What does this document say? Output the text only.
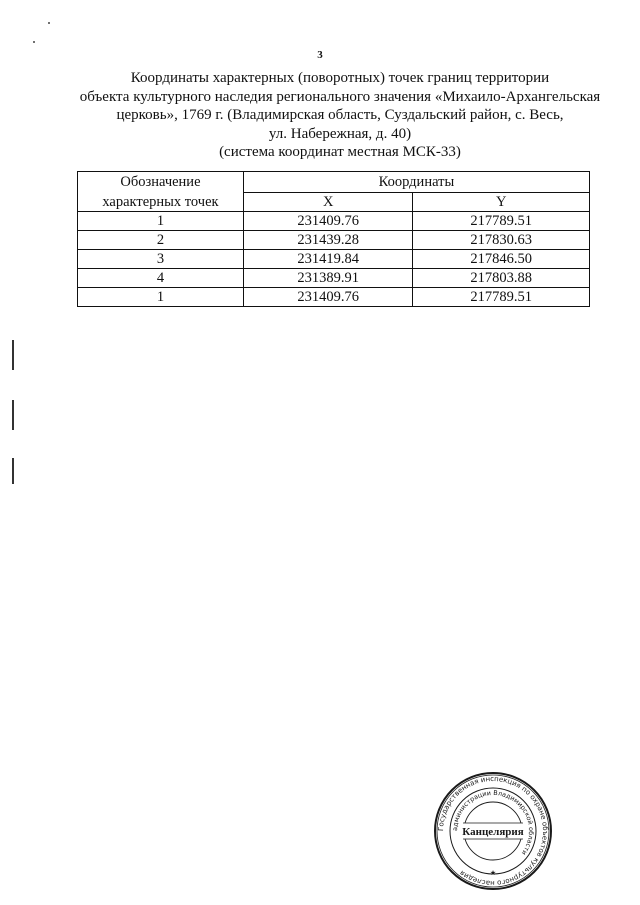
3
Координаты характерных (поворотных) точек границ территории
объекта культурного наследия регионального значения «Михаило-Архангельская
церковь», 1769 г. (Владимирская область, Суздальский район, с. Весь,
ул. Набережная, д. 40)
(система координат местная МСК-33)
Обозначение	Координаты	
характерных точек	X	Y
1	231409.76	217789.51
2	231439.28	217830.63
3	231419.84	217846.50
4	231389.91	217803.88
1	231409.76	217789.51
Государственная инспекция по охране объектов культурного наследия
администрации Владимирской области
Канцелярия
★
